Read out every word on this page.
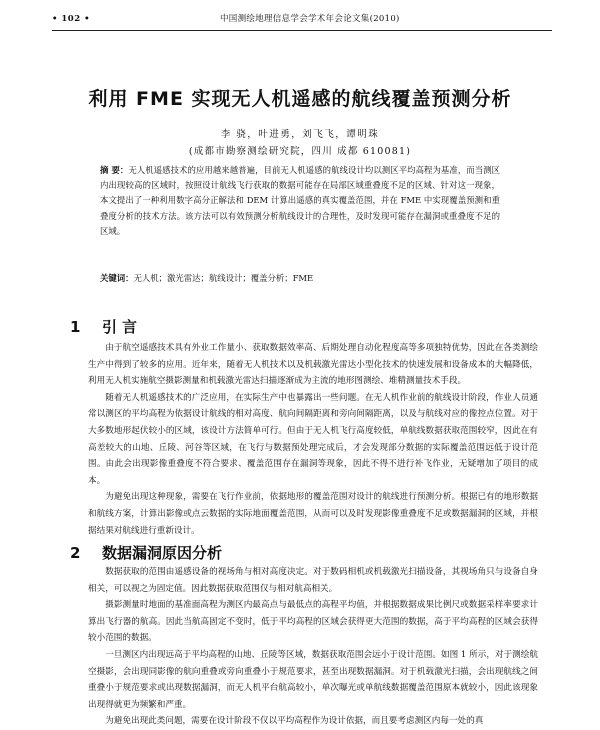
• 102 •	中国测绘地理信息学会学术年会论文集(2010)
利用 FME 实现无人机遥感的航线覆盖预测分析
李 骁，叶进勇，刘飞飞，谭明珠
(成都市勘察测绘研究院，四川 成都 610081)
摘 要：无人机遥感技术的应用越来越普遍，目前无人机遥感的航线设计均以测区平均高程为基准，而当测区内出现较高的区域时，按照设计航线飞行获取的数据可能存在局部区域重叠度不足的区域、针对这一现象，本文提出了一种利用数字高分正解法和 DEM 计算出遥感的真实覆盖范围，并在 FME 中实现覆盖预测和重叠度分析的技术方法。该方法可以有效预测分析航线设计的合理性，及时发现可能存在漏洞或重叠度不足的区域。
关键词：无人机；激光雷达；航线设计；覆盖分析；FME
1 引言

由于航空遥感技术具有外业工作量小、获取数据效率高、后期处理自动化程度高等多项独特优势，因此在各类测绘生产中得到了较多的应用。近年来，随着无人机技术以及机载激光雷达小型化技术的快速发展和设备成本的大幅降低，利用无人机实施航空摄影测量和机载激光雷达扫描逐渐成为主流的地形图测绘、堆精测量技术手段。

随着无人机遥感技术的广泛应用，在实际生产中也暴露出一些问题。在无人机作业前的航线设计阶段，作业人员通常以测区的平均高程为依据设计航线的相对高度、航向间隔距离和旁向间隔距离，以及与航线对应的像控点位置。对于大多数地形起伏较小的区域，该设计方法简单可行。但由于无人机飞行高度较低，单航线数据获取范围较窄，因此在有高差较大的山地、丘陵、河谷等区域，在飞行与数据预处理完成后，才会发现部分数据的实际覆盖范围远低于设计范围。由此会出现影像重叠度不符合要求、覆盖范围存在漏洞等现象，因此不得不进行补飞作业，无疑增加了项目的成本。

为避免出现这种现象，需要在飞行作业前，依据地形的覆盖范围对设计的航线进行预测分析。根据已有的地形数据和航线方案，计算出影像或点云数据的实际地面覆盖范围，从而可以及时发现影像重叠度不足或数据漏洞的区域，并根据结果对航线进行重新设计。

2 数据漏洞原因分析

数据获取的范围由遥感设备的视场角与相对高度决定。对于数码相机或机载激光扫描设备，其视场角只与设备自身相关，可以视之为固定值。因此数据获取范围仅与相对航高相关。

摄影测量时地面的基准面高程为测区内最高点与最低点的高程平均值，并根据数据成果比例尺或数据采样率要求计算出飞行器的航高。因此当航高固定不变时，低于平均高程的区域会获得更大范围的数据，高于平均高程的区域会获得较小范围的数据。

一旦测区内出现远高于平均高程的山地、丘陵等区域，数据获取范围会远小于设计范围。如图 1 所示，对于测绘航空摄影，会出现同影像的航向重叠或旁向重叠小于规范要求，甚至出现数据漏洞。对于机载激光扫描，会出现航线之间重叠小于规范要求或出现数据漏洞，而无人机平台航高较小，单次曝光或单航线数据覆盖范围原本就较小，因此该现象出现得就更为频繁和严重。

为避免出现此类问题，需要在设计阶段不仅以平均高程作为设计依据，而且要考虑测区内每一处的真
